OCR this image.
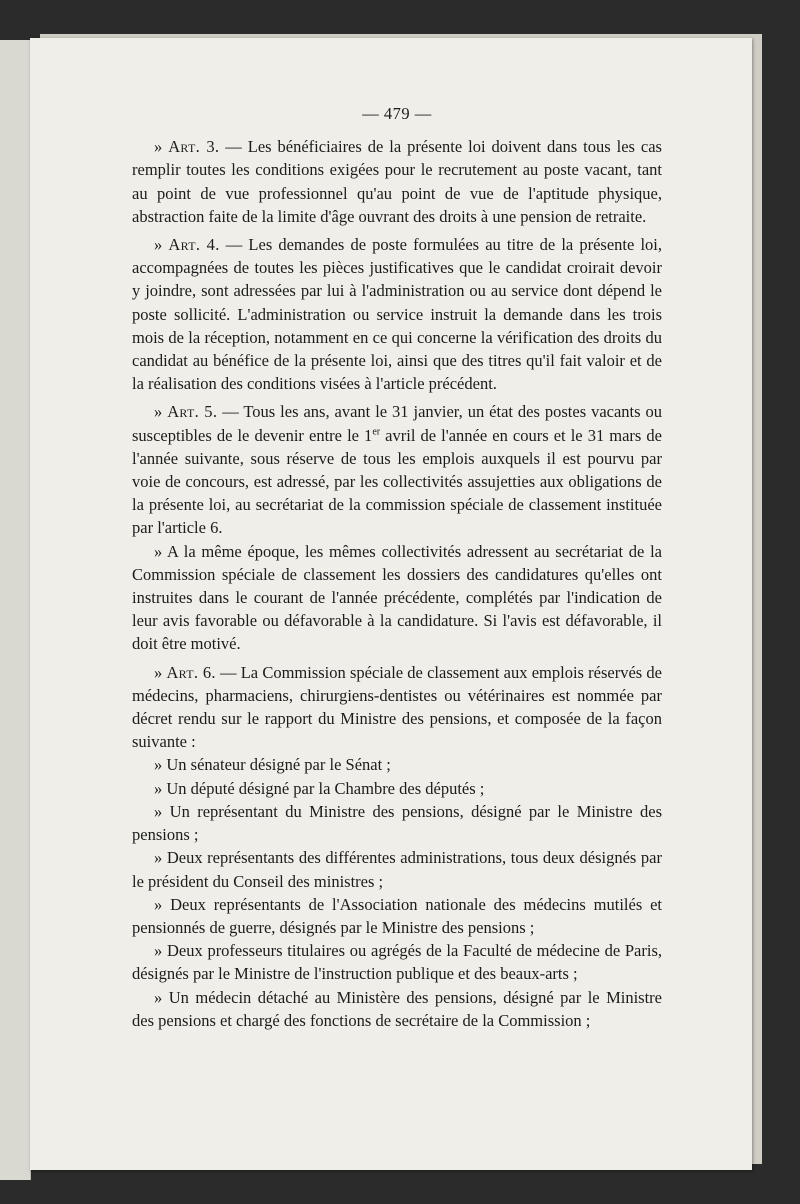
— 479 —

» Art. 3. — Les bénéficiaires de la présente loi doivent dans tous les cas remplir toutes les conditions exigées pour le recrutement au poste vacant, tant au point de vue professionnel qu'au point de vue de l'aptitude physique, abstraction faite de la limite d'âge ouvrant des droits à une pension de retraite.

» Art. 4. — Les demandes de poste formulées au titre de la présente loi, accompagnées de toutes les pièces justificatives que le candidat croirait devoir y joindre, sont adressées par lui à l'administration ou au service dont dépend le poste sollicité. L'administration ou service instruit la demande dans les trois mois de la réception, notamment en ce qui concerne la vérification des droits du candidat au bénéfice de la présente loi, ainsi que des titres qu'il fait valoir et de la réalisation des conditions visées à l'article précédent.

» Art. 5. — Tous les ans, avant le 31 janvier, un état des postes vacants ou susceptibles de le devenir entre le 1er avril de l'année en cours et le 31 mars de l'année suivante, sous réserve de tous les emplois auxquels il est pourvu par voie de concours, est adressé, par les collectivités assujetties aux obligations de la présente loi, au secrétariat de la commission spéciale de classement instituée par l'article 6.

» A la même époque, les mêmes collectivités adressent au secrétariat de la Commission spéciale de classement les dossiers des candidatures qu'elles ont instruites dans le courant de l'année précédente, complétés par l'indication de leur avis favorable ou défavorable à la candidature. Si l'avis est défavorable, il doit être motivé.

» Art. 6. — La Commission spéciale de classement aux emplois réservés de médecins, pharmaciens, chirurgiens-dentistes ou vétérinaires est nommée par décret rendu sur le rapport du Ministre des pensions, et composée de la façon suivante :

» Un sénateur désigné par le Sénat ;

» Un député désigné par la Chambre des députés ;

» Un représentant du Ministre des pensions, désigné par le Ministre des pensions ;

» Deux représentants des différentes administrations, tous deux désignés par le président du Conseil des ministres ;

» Deux représentants de l'Association nationale des médecins mutilés et pensionnés de guerre, désignés par le Ministre des pensions ;

» Deux professeurs titulaires ou agrégés de la Faculté de médecine de Paris, désignés par le Ministre de l'instruction publique et des beaux-arts ;

» Un médecin détaché au Ministère des pensions, désigné par le Ministre des pensions et chargé des fonctions de secrétaire de la Commission ;
